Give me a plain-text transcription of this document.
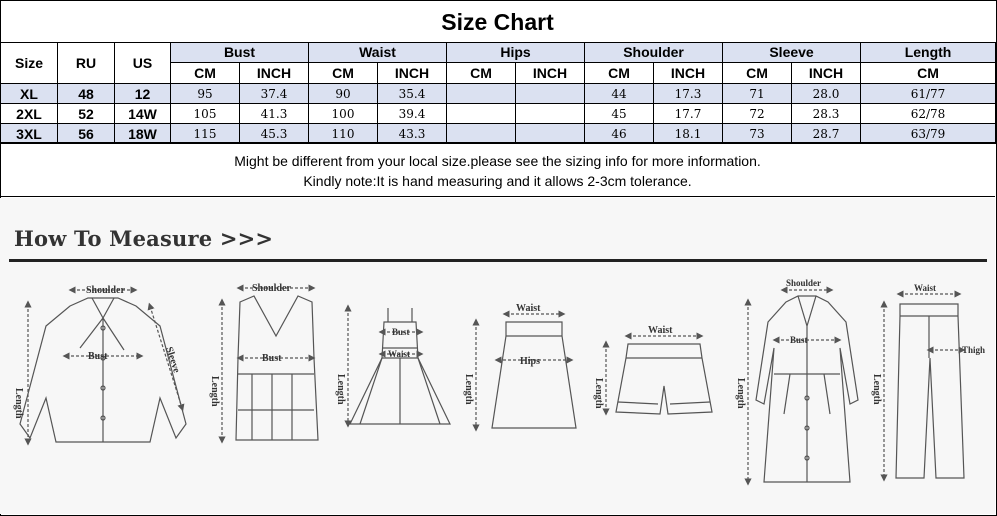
Size Chart
Size	RU	US	Bust		Waist		Hips		Shoulder		Sleeve		Length
			CM	INCH	CM	INCH	CM	INCH	CM	INCH	CM	INCH	CM
XL	48	12	95	37.4	90	35.4			44	17.3	71	28.0	61/77
2XL	52	14W	105	41.3	100	39.4			45	17.7	72	28.3	62/78
3XL	56	18W	115	45.3	110	43.3			46	18.1	73	28.7	63/79
Might be different from your local size.please see the sizing info for more information.
Kindly note:It is hand measuring and it allows 2-3cm tolerance.
How To Measure >>>
Shoulder
Bust
Length
Sleeve
Shoulder
Bust
Length
Bust
Waist
Length
Waist
Hips
Length
Waist
Length
Shoulder
Bust
Length
Waist
Thigh
Length
